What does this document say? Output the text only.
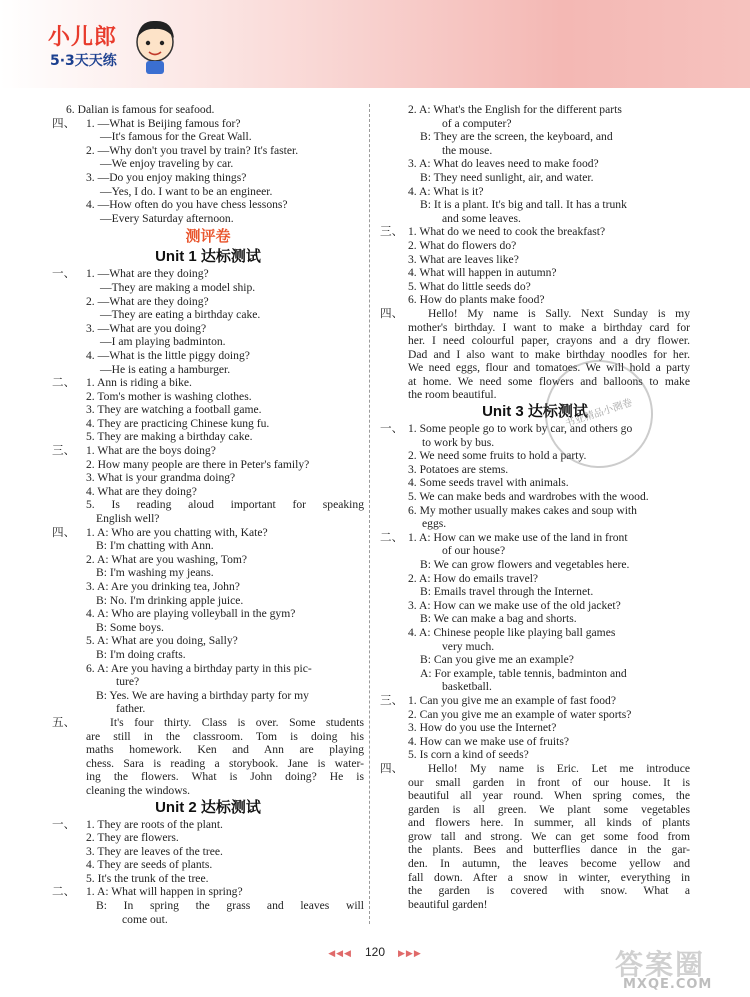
小儿郎
5·3天天练
6. Dalian is famous for seafood.
四、 1. —What is Beijing famous for?
—It's famous for the Great Wall.
2. —Why don't you travel by train? It's faster.
—We enjoy traveling by car.
3. —Do you enjoy making things?
—Yes, I do. I want to be an engineer.
4. —How often do you have chess lessons?
—Every Saturday afternoon.
测评卷
Unit 1 达标测试
一、 1. —What are they doing?
—They are making a model ship.
2. —What are they doing?
—They are eating a birthday cake.
3. —What are you doing?
—I am playing badminton.
4. —What is the little piggy doing?
—He is eating a hamburger.
二、 1. Ann is riding a bike.
2. Tom's mother is washing clothes.
3. They are watching a football game.
4. They are practicing Chinese kung fu.
5. They are making a birthday cake.
三、 1. What are the boys doing?
2. How many people are there in Peter's family?
3. What is your grandma doing?
4. What are they doing?
5. Is reading aloud important for speaking
English well?
四、 1. A: Who are you chatting with, Kate?
B: I'm chatting with Ann.
2. A: What are you washing, Tom?
B: I'm washing my jeans.
3. A: Are you drinking tea, John?
B: No. I'm drinking apple juice.
4. A: Who are playing volleyball in the gym?
B: Some boys.
5. A: What are you doing, Sally?
B: I'm doing crafts.
6. A: Are you having a birthday party in this pic-
ture?
B: Yes. We are having a birthday party for my
father.
五、	It's four thirty. Class is over. Some students
are still in the classroom. Tom is doing his
maths homework. Ken and Ann are playing
chess. Sara is reading a storybook. Jane is water-
ing the flowers. What is John doing? He is
cleaning the windows.
Unit 2 达标测试
一、 1. They are roots of the plant.
2. They are flowers.
3. They are leaves of the tree.
4. They are seeds of plants.
5. It's the trunk of the tree.
二、 1. A: What will happen in spring?
B: In spring the grass and leaves will
come out.
2. A: What's the English for the different parts
of a computer?
B: They are the screen, the keyboard, and
the mouse.
3. A: What do leaves need to make food?
B: They need sunlight, air, and water.
4. A: What is it?
B: It is a plant. It's big and tall. It has a trunk
and some leaves.
三、 1. What do we need to cook the breakfast?
2. What do flowers do?
3. What are leaves like?
4. What will happen in autumn?
5. What do little seeds do?
6. How do plants make food?
四、 Hello! My name is Sally. Next Sunday is my
mother's birthday. I want to make a birthday card for
her. I need colourful paper, crayons and a dry flower.
Dad and I also want to make birthday noodles for her.
We need eggs, flour and tomatoes. We will hold a party
at home. We need some flowers and balloons to make
the room beautiful.
Unit 3 达标测试
一、 1. Some people go to work by car, and others go
to work by bus.
2. We need some fruits to hold a party.
3. Potatoes are stems.
4. Some seeds travel with animals.
5. We can make beds and wardrobes with the wood.
6. My mother usually makes cakes and soup with
eggs.
二、 1. A: How can we make use of the land in front
of our house?
B: We can grow flowers and vegetables here.
2. A: How do emails travel?
B: Emails travel through the Internet.
3. A: How can we make use of the old jacket?
B: We can make a bag and shorts.
4. A: Chinese people like playing ball games
very much.
B: Can you give me an example?
A: For example, table tennis, badminton and
basketball.
三、 1. Can you give me an example of fast food?
2. Can you give me an example of water sports?
3. How do you use the Internet?
4. How can we make use of fruits?
5. Is corn a kind of seeds?
四、 Hello! My name is Eric. Let me introduce
our small garden in front of our house. It is
beautiful all year round. When spring comes, the
garden is all green. We plant some vegetables
and flowers here. In summer, all kinds of plants
grow tall and strong. We can get some food from
the plants. Bees and butterflies dance in the gar-
den. In autumn, the leaves become yellow and
fall down. After a snow in winter, everything in
the garden is covered with snow. What a
beautiful garden!
书业精品小测卷
◀◀◀ 120 ▶▶▶	答案圈
MXQE.COM
